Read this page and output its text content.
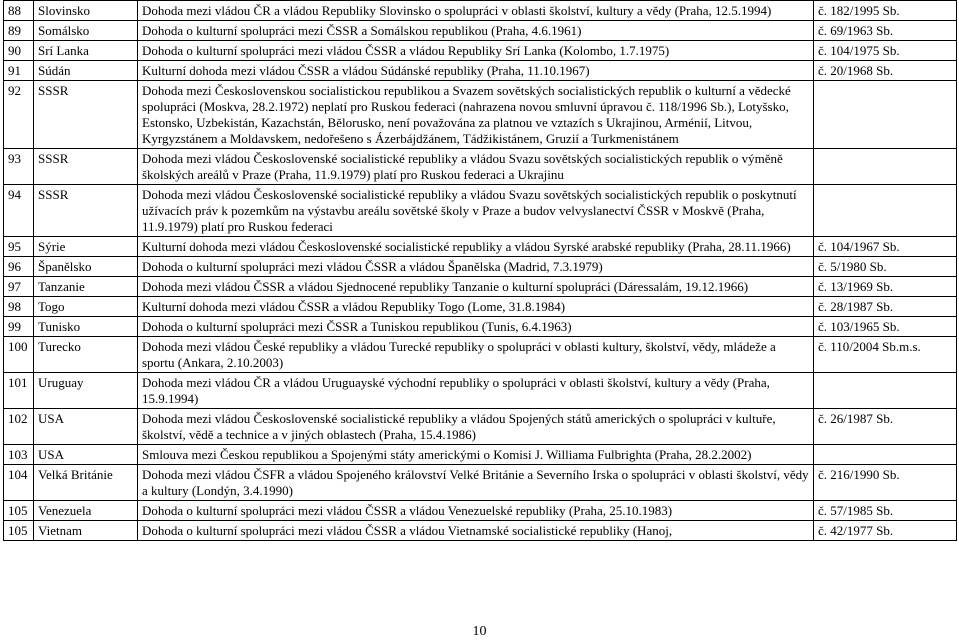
88	Slovinsko	Dohoda mezi vládou ČR a vládou Republiky Slovinsko o spolupráci v oblasti školství, kultury a vědy (Praha, 12.5.1994)	č. 182/1995 Sb.
89	Somálsko	Dohoda o kulturní spolupráci mezi ČSSR a Somálskou republikou (Praha, 4.6.1961)	č. 69/1963 Sb.
90	Srí Lanka	Dohoda o kulturní spolupráci mezi vládou ČSSR a vládou Republiky Srí Lanka (Kolombo, 1.7.1975)	č. 104/1975 Sb.
91	Súdán	Kulturní dohoda mezi vládou ČSSR a vládou Súdánské republiky (Praha, 11.10.1967)	č. 20/1968 Sb.
92	SSSR	Dohoda mezi Československou socialistickou republikou a Svazem sovětských socialistických republik o kulturní a vědecké spolupráci (Moskva, 28.2.1972) neplatí pro Ruskou federaci (nahrazena novou smluvní úpravou č. 118/1996 Sb.), Lotyšsko, Estonsko, Uzbekistán, Kazachstán, Bělorusko, není považována za platnou ve vztazích s Ukrajinou, Arménií, Litvou, Kyrgyzstánem a Moldavskem, nedořešeno s Ázerbájdžánem, Tádžikistánem, Gruzií a Turkmenistánem	
93	SSSR	Dohoda mezi vládou Československé socialistické republiky a vládou Svazu sovětských socialistických republik o výměně školských areálů v Praze (Praha, 11.9.1979) platí pro Ruskou federaci a Ukrajinu	
94	SSSR	Dohoda mezi vládou Československé socialistické republiky a vládou Svazu sovětských socialistických republik o poskytnutí užívacích práv k pozemkům na výstavbu areálu sovětské školy v Praze a budov velvyslanectví ČSSR v Moskvě (Praha, 11.9.1979) platí pro Ruskou federaci	
95	Sýrie	Kulturní dohoda mezi vládou Československé socialistické republiky a vládou Syrské arabské republiky (Praha, 28.11.1966)	č. 104/1967 Sb.
96	Španělsko	Dohoda o kulturní spolupráci mezi vládou ČSSR a vládou Španělska (Madrid, 7.3.1979)	č. 5/1980 Sb.
97	Tanzanie	Dohoda mezi vládou ČSSR a vládou Sjednocené republiky Tanzanie o kulturní spolupráci (Dáressalám, 19.12.1966)	č. 13/1969 Sb.
98	Togo	Kulturní dohoda mezi vládou ČSSR a vládou Republiky Togo (Lome, 31.8.1984)	č. 28/1987 Sb.
99	Tunisko	Dohoda o kulturní spolupráci mezi ČSSR a Tuniskou republikou (Tunis, 6.4.1963)	č. 103/1965 Sb.
100	Turecko	Dohoda mezi vládou České republiky a vládou Turecké republiky o spolupráci v oblasti kultury, školství, vědy, mládeže a sportu (Ankara, 2.10.2003)	č. 110/2004 Sb.m.s.
101	Uruguay	Dohoda mezi vládou ČR a vládou Uruguayské východní republiky o spolupráci v oblasti školství, kultury a vědy (Praha, 15.9.1994)	
102	USA	Dohoda mezi vládou Československé socialistické republiky a vládou Spojených států amerických o spolupráci v kultuře, školství, vědě a technice a v jiných oblastech (Praha, 15.4.1986)	č. 26/1987 Sb.
103	USA	Smlouva mezi Českou republikou a Spojenými státy americkými o Komisi J. Williama Fulbrighta (Praha, 28.2.2002)	
104	Velká Británie	Dohoda mezi vládou ČSFR a vládou Spojeného království Velké Británie a Severního Irska o spolupráci v oblasti školství, vědy a kultury (Londýn, 3.4.1990)	č. 216/1990 Sb.
105	Venezuela	Dohoda o kulturní spolupráci mezi vládou ČSSR a vládou Venezuelské republiky (Praha, 25.10.1983)	č. 57/1985 Sb.
105	Vietnam	Dohoda o kulturní spolupráci mezi vládou ČSSR a vládou Vietnamské socialistické republiky (Hanoj,	č. 42/1977 Sb.
10
